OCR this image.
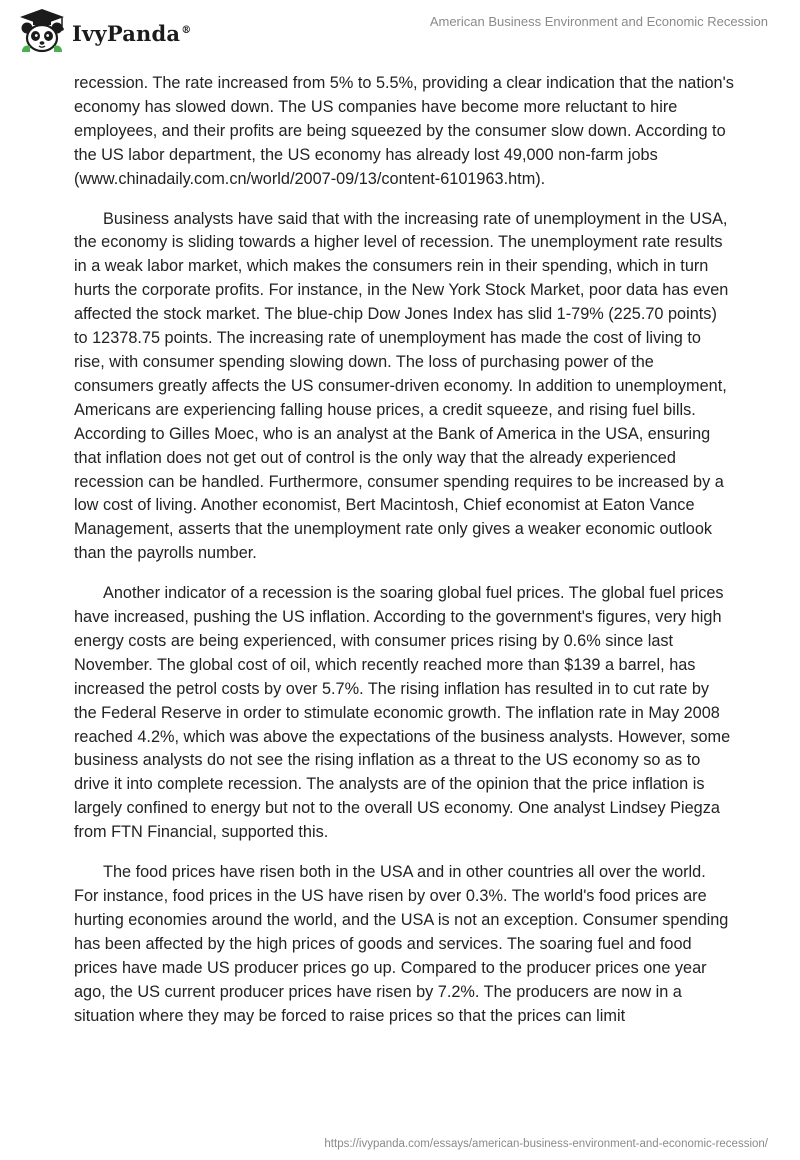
IvyPanda®
American Business Environment and Economic Recession

recession. The rate increased from 5% to 5.5%, providing a clear indication that the nation's economy has slowed down. The US companies have become more reluctant to hire employees, and their profits are being squeezed by the consumer slow down. According to the US labor department, the US economy has already lost 49,000 non-farm jobs (www.chinadaily.com.cn/world/2007-09/13/content-6101963.htm).

Business analysts have said that with the increasing rate of unemployment in the USA, the economy is sliding towards a higher level of recession. The unemployment rate results in a weak labor market, which makes the consumers rein in their spending, which in turn hurts the corporate profits. For instance, in the New York Stock Market, poor data has even affected the stock market. The blue-chip Dow Jones Index has slid 1-79% (225.70 points) to 12378.75 points. The increasing rate of unemployment has made the cost of living to rise, with consumer spending slowing down. The loss of purchasing power of the consumers greatly affects the US consumer-driven economy. In addition to unemployment, Americans are experiencing falling house prices, a credit squeeze, and rising fuel bills. According to Gilles Moec, who is an analyst at the Bank of America in the USA, ensuring that inflation does not get out of control is the only way that the already experienced recession can be handled. Furthermore, consumer spending requires to be increased by a low cost of living. Another economist, Bert Macintosh, Chief economist at Eaton Vance Management, asserts that the unemployment rate only gives a weaker economic outlook than the payrolls number.

Another indicator of a recession is the soaring global fuel prices. The global fuel prices have increased, pushing the US inflation. According to the government's figures, very high energy costs are being experienced, with consumer prices rising by 0.6% since last November. The global cost of oil, which recently reached more than $139 a barrel, has increased the petrol costs by over 5.7%. The rising inflation has resulted in to cut rate by the Federal Reserve in order to stimulate economic growth. The inflation rate in May 2008 reached 4.2%, which was above the expectations of the business analysts. However, some business analysts do not see the rising inflation as a threat to the US economy so as to drive it into complete recession. The analysts are of the opinion that the price inflation is largely confined to energy but not to the overall US economy. One analyst Lindsey Piegza from FTN Financial, supported this.

The food prices have risen both in the USA and in other countries all over the world. For instance, food prices in the US have risen by over 0.3%. The world's food prices are hurting economies around the world, and the USA is not an exception. Consumer spending has been affected by the high prices of goods and services. The soaring fuel and food prices have made US producer prices go up. Compared to the producer prices one year ago, the US current producer prices have risen by 7.2%. The producers are now in a situation where they may be forced to raise prices so that the prices can limit

https://ivypanda.com/essays/american-business-environment-and-economic-recession/
